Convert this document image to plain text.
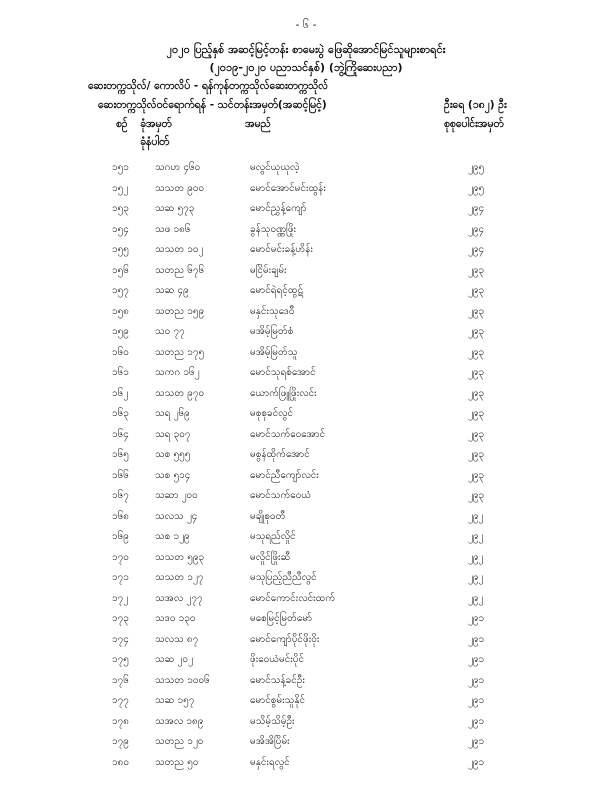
- ၆ -
၂၀၂၀ ပြည့်နှစ် အဆင့်မြင့်တန်း စာမေးပွဲ ဖြေဆိုအောင်မြင်သူများစာရင်း
(၂၀၁၉-၂၀၂၀ ပညာသင်နှစ်) (ဘွဲ့ကြိုဆေးပညာ)
ဆေးတက္ကသိုလ်/ ကောလိပ် - ရန်ကုန်တက္ကသိုလ်ဆေးတက္ကသိုလ်
ဆေးတက္ကသိုလ်ဝင်ရောက်ရန် - သင်တန်းအမှတ်(အဆင့်မြင့်)	ဦးရေ (၁၈၂) ဦး
စဉ် ခုံအမှတ်
ခုံနံပါတ်
အမည်	စုစုပေါင်းအမှတ်
၁၅၁	သဂဟ ၄၆၀	မလွင်ယုယုလဲ့	၂၉၅
၁၅၂	သသတ ၉၀၀	မောင်အောင်မင်းထွန်း	၂၉၅
၁၅၃	သဆ ၅၇၃	မောင်ညွှန့်ကျော်	၂၉၄
၁၅၄	သဖ ၁၈၆	ခွန်သုဝဏ္ဏဖြိုး	၂၉၄
၁၅၅	သသတ ၁၀၂	မောင်မင်းခန့်ဟိန်း	၂၉၄
၁၅၆	သတည ၆၇၆	မငြိမ်းချမ်း	၂၉၃
၁၅၇	သဆ ၄၉	မောင်ရဲရင့်ထွဋ်	၂၉၃
၁၅၈	သတည ၁၅၉	မနှင်းသုဒေဝီ	၂၉၃
၁၅၉	သဝ ၇၇	မအိမ့်မြတ်စံ	၂၉၃
၁၆၀	သတည ၁၇၅	မအိမ့်မြတ်သူ	၂၉၃
၁၆၁	သကဂ ၁၆၂	မောင်သုရစ်အောင်	၂၉၃
၁၆၂	သသတ ၉၇၀	ယောက်ဖြူဖြိုးလင်း	၂၉၃
၁၆၃	သရ ၂၆၉	မစုစုခင်လွင်	၂၉၃
၁၆၄	သရ ၃၀၇	မောင်သက်ဝေအောင်	၂၉၃
၁၆၅	သစ ၅၅၅	မစွန်ထိုက်အောင်	၂၉၃
၁၆၆	သစ ၅၁၄	မောင်ညီကျော်လင်း	၂၉၃
၁၆၇	သဆာ ၂၀၀	မောင်သက်ဝေယံ	၂၉၃
၁၆၈	သလသ ၂၄	မချိုစုဝတီ	၂၉၂
၁၆၉	သစ ၁၂၉	မသုရည်လှိုင်	၂၉၂
၁၇၀	သသတ ၅၉၃	မလှိုင်ဖြိုးဆီ	၂၉၂
၁၇၁	သသတ ၁၂၇	မသုပြည့်ညီညီလွင်	၂၉၂
၁၇၂	သအလ ၂၇၇	မောင်ကောင်းလင်းထက်	၂၉၂
၁၇၃	သဒ၀ ၁၃၀	မစေမြင့်မြတ်မော်	၂၉၁
၁၇၄	သလသ ၈၇	မောင်ကျော်ပိုင်ဖိုးဝိုး	၂၉၁
၁၇၅	သဆ ၂၀၂	ဖိုးဝေယံမင်းပိုင်	၂၉၁
၁၇၆	သသတ ၁၀၀၆	မောင်သန့်ခင်ဦး	၂၉၁
၁၇၇	သဆ ၁၅၇	မောင်စွမ်းသူနိုင်	၂၉၁
၁၇၈	သအလ ၁၈၉	မသိမ့်သိမ့်ဦး	၂၉၁
၁၇၉	သတည ၁၂၀	မအိအိပြိမ်း	၂၉၁
၁၈၀	သတည ၅၀	မနှင်းရလွင်	၂၉၁
